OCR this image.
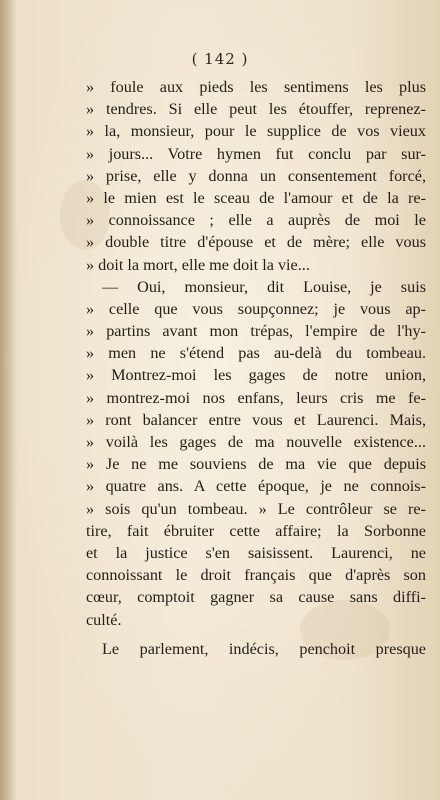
( 142 )
» foule aux pieds les sentimens les plus
» tendres. Si elle peut les étouffer, reprenez-
» la, monsieur, pour le supplice de vos vieux
» jours... Votre hymen fut conclu par sur-
» prise, elle y donna un consentement forcé,
» le mien est le sceau de l'amour et de la re-
» connoissance ; elle a auprès de moi le
» double titre d'épouse et de mère; elle vous
» doit la mort, elle me doit la vie...
— Oui, monsieur, dit Louise, je suis
» celle que vous soupçonnez; je vous ap-
» partins avant mon trépas, l'empire de l'hy-
» men ne s'étend pas au-delà du tombeau.
» Montrez-moi les gages de notre union,
» montrez-moi nos enfans, leurs cris me fe-
» ront balancer entre vous et Laurenci. Mais,
» voilà les gages de ma nouvelle existence...
» Je ne me souviens de ma vie que depuis
» quatre ans. A cette époque, je ne connois-
» sois qu'un tombeau. » Le contrôleur se re-
tire, fait ébruiter cette affaire; la Sorbonne
et la justice s'en saisissent. Laurenci, ne
connoissant le droit français que d'après son
cœur, comptoit gagner sa cause sans diffi-
culté.
Le parlement, indécis, penchoit presque
